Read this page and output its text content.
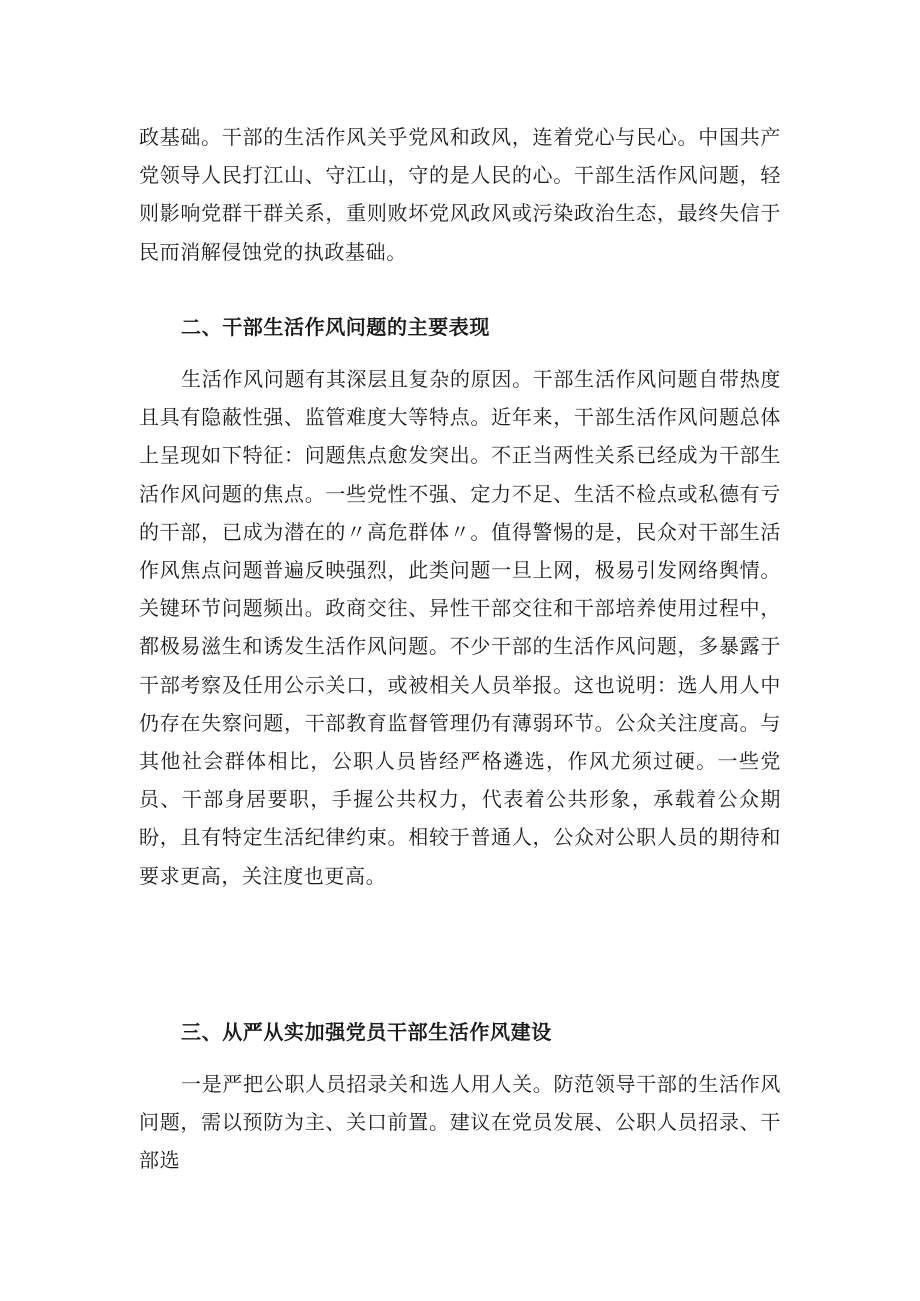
政基础。干部的生活作风关乎党风和政风，连着党心与民心。中国共产党领导人民打江山、守江山，守的是人民的心。干部生活作风问题，轻则影响党群干群关系，重则败坏党风政风或污染政治生态，最终失信于民而消解侵蚀党的执政基础。

二、干部生活作风问题的主要表现

生活作风问题有其深层且复杂的原因。干部生活作风问题自带热度且具有隐蔽性强、监管难度大等特点。近年来，干部生活作风问题总体上呈现如下特征：问题焦点愈发突出。不正当两性关系已经成为干部生活作风问题的焦点。一些党性不强、定力不足、生活不检点或私德有亏的干部，已成为潜在的〃高危群体〃。值得警惕的是，民众对干部生活作风焦点问题普遍反映强烈，此类问题一旦上网，极易引发网络舆情。关键环节问题频出。政商交往、异性干部交往和干部培养使用过程中，都极易滋生和诱发生活作风问题。不少干部的生活作风问题，多暴露于干部考察及任用公示关口，或被相关人员举报。这也说明：选人用人中仍存在失察问题，干部教育监督管理仍有薄弱环节。公众关注度高。与其他社会群体相比，公职人员皆经严格遴选，作风尤须过硬。一些党员、干部身居要职，手握公共权力，代表着公共形象，承载着公众期盼，且有特定生活纪律约束。相较于普通人，公众对公职人员的期待和要求更高，关注度也更高。

三、从严从实加强党员干部生活作风建设

一是严把公职人员招录关和选人用人关。防范领导干部的生活作风问题，需以预防为主、关口前置。建议在党员发展、公职人员招录、干部选
